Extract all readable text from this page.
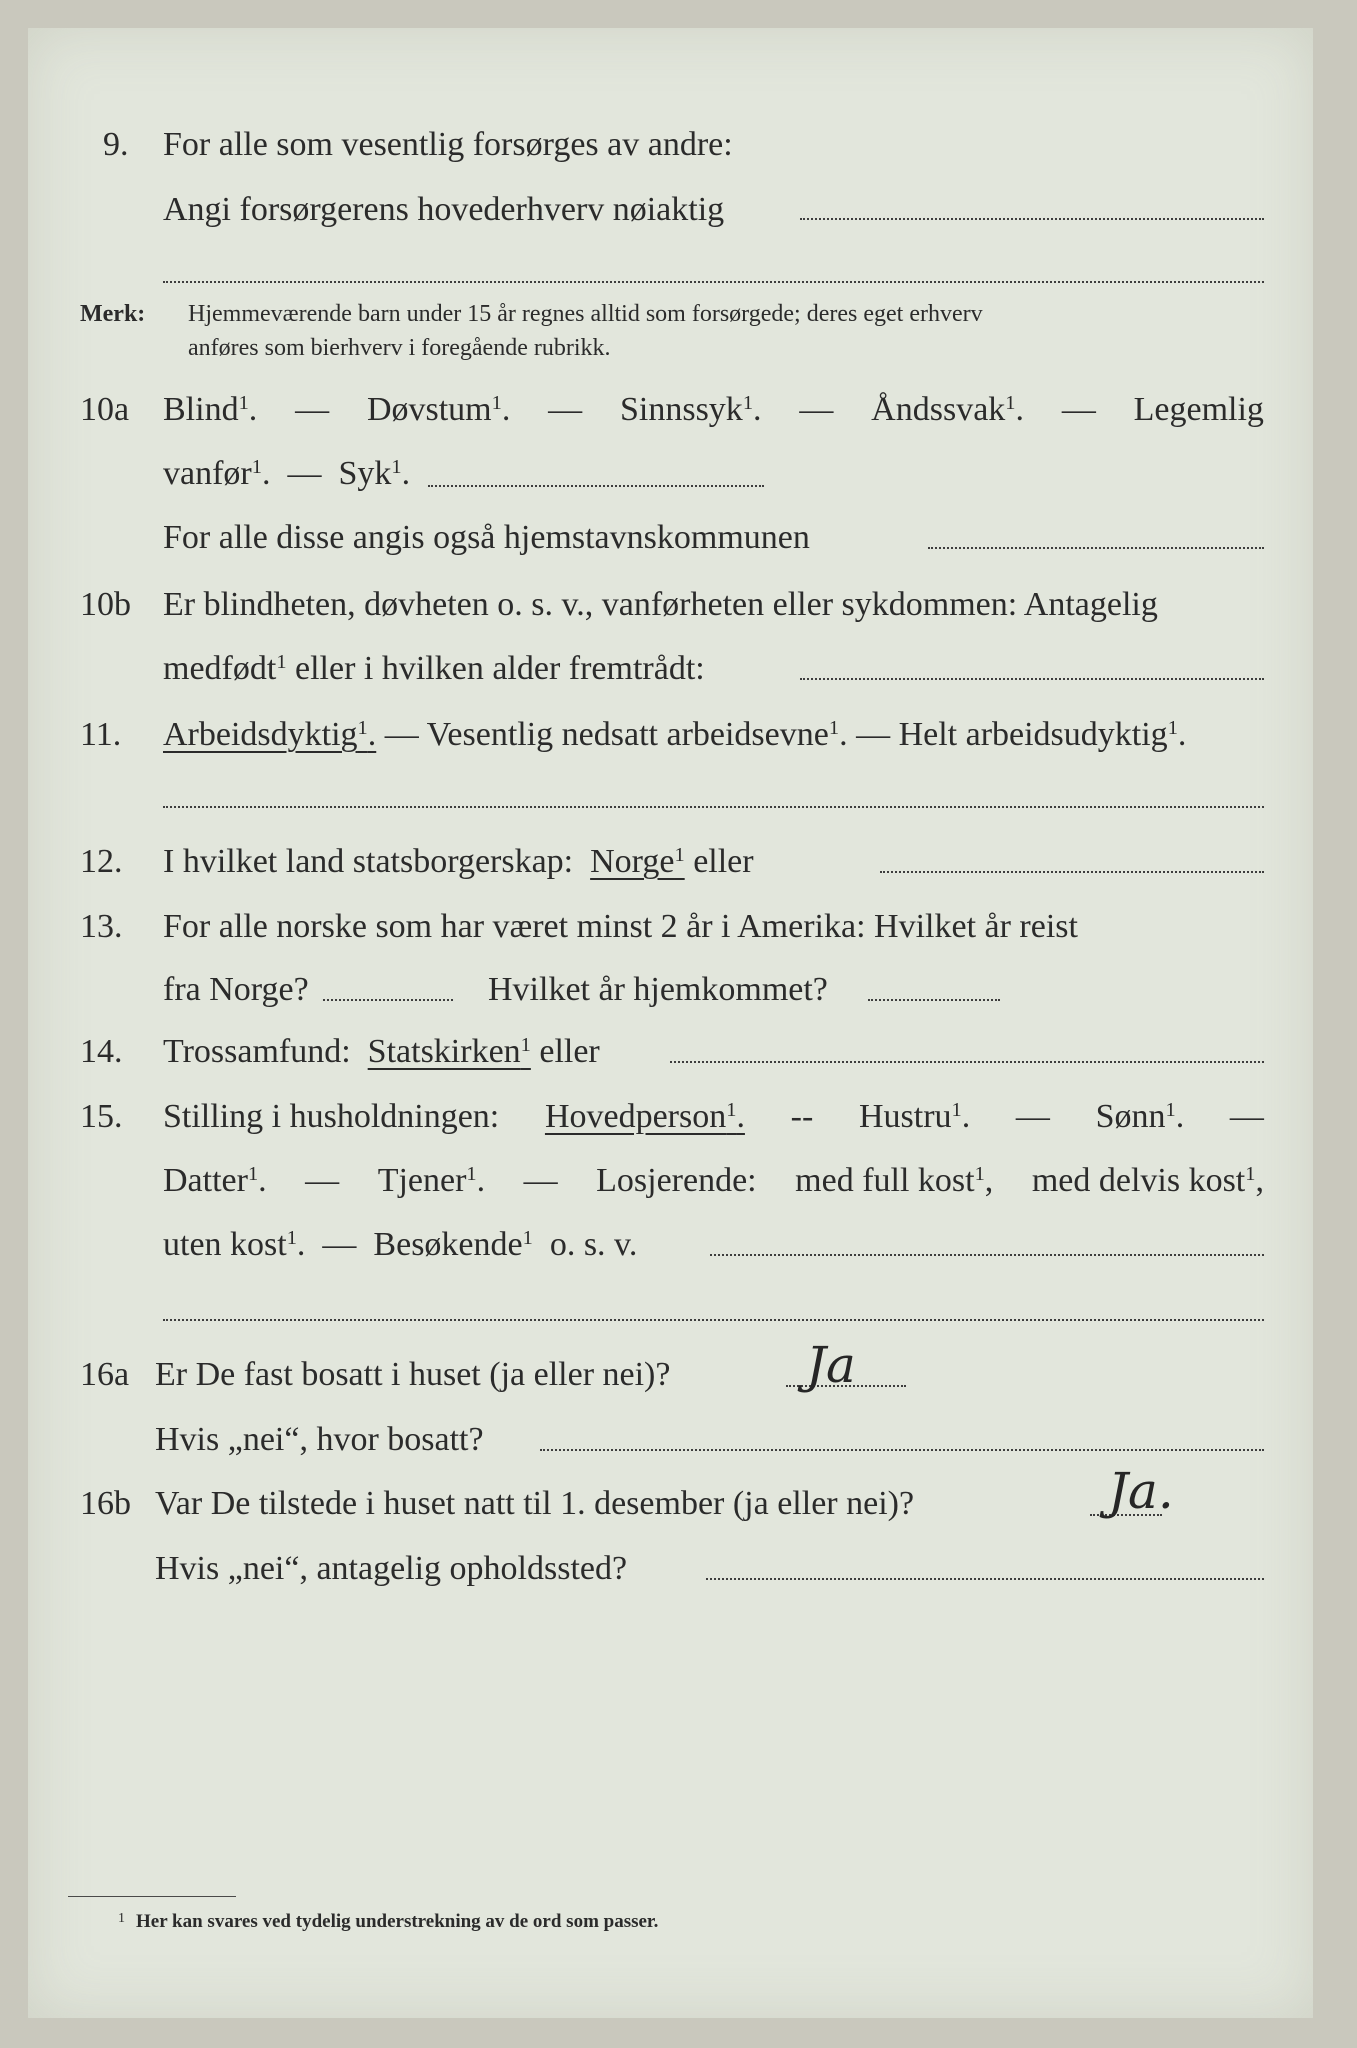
9. For alle som vesentlig forsørges av andre:
Angi forsørgerens hovederhverv nøiaktig
Merk: Hjemmeværende barn under 15 år regnes alltid som forsørgede; deres eget erhverv
anføres som bierhverv i foregående rubrikk.
10a Blind$^1$. — Døvstum$^1$. — Sinnssyk$^1$. — Åndssvak$^1$. — Legemlig
vanfør$^1$.  —  Syk$^1$.
For alle disse angis også hjemstavnskommunen
10b Er blindheten, døvheten o. s. v., vanførheten eller sykdommen: Antagelig
medfødt$^1$ eller i hvilken alder fremtrådt:
11. Arbeidsdyktig$^1$. — Vesentlig nedsatt arbeidsevne$^1$. — Helt arbeidsudyktig$^1$.
12. I hvilket land statsborgerskap: Norge$^1$ eller
13. For alle norske som har været minst 2 år i Amerika: Hvilket år reist
fra Norge?	Hvilket år hjemkommet?
14. Trossamfund: Statskirken$^1$ eller
15. Stilling i husholdningen: Hovedperson$^1$. -- Hustru$^1$. — Sønn$^1$. —
Datter$^1$. — Tjener$^1$. — Losjerende: med full kost$^1$, med delvis kost$^1$,
uten kost$^1$.  —  Besøkende$^1$ o. s. v.
16a Er De fast bosatt i huset (ja eller nei)?	Ja
Hvis „nei“, hvor bosatt?
16b Var De tilstede i huset natt til 1. desember (ja eller nei)?	Ja.
Hvis „nei“, antagelig opholdssted?
1 Her kan svares ved tydelig understrekning av de ord som passer.
